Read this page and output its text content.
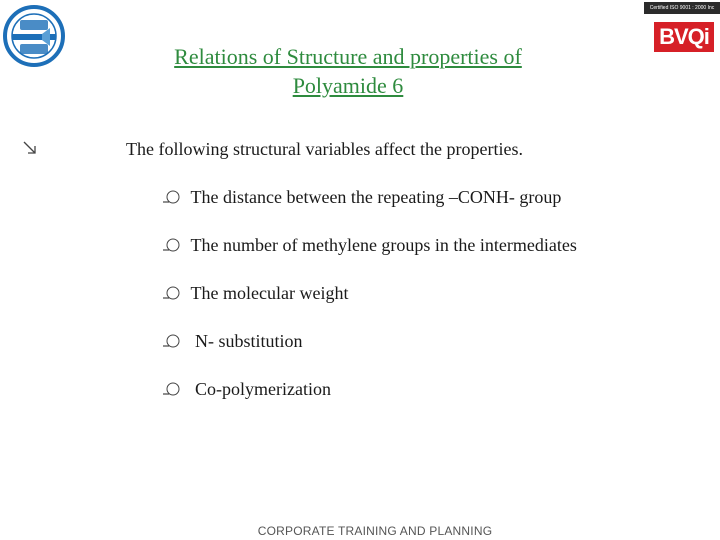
Certified ISO 9001 : 2000 Inc
BVQi
Relations of Structure and properties of
Polyamide 6
The following structural variables affect the properties.
The distance between the repeating –CONH- group
The number of methylene groups in the intermediates
The molecular weight
N- substitution
Co-polymerization
CORPORATE TRAINING AND PLANNING
